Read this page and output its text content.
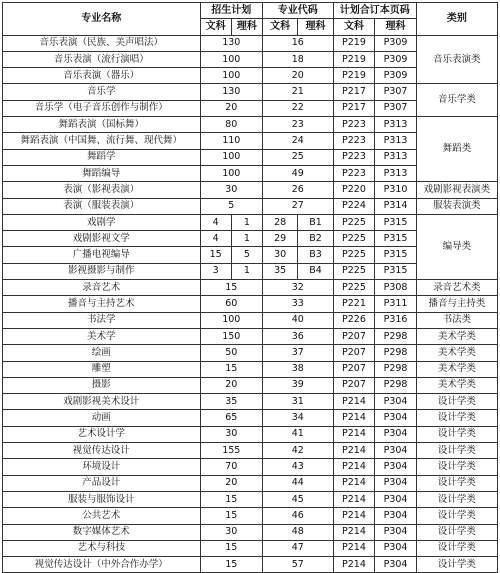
专业名称	招生计划		专业代码		计划合订本页码		类别
	文科	理科	文科	理科	文科	理科	
音乐表演（民族、美声唱法）	130		16		P219	P309	音乐表演类
音乐表演（流行演唱）	100		18		P219	P309	
音乐表演（器乐）	100		20		P219	P309	
音乐学	130		21		P217	P307	音乐学类
音乐学（电子音乐创作与制作）	20		22		P217	P307	
舞蹈表演（国标舞）	80		23		P223	P313	舞蹈类
舞蹈表演（中国舞、流行舞、现代舞）	110		24		P223	P313	
舞蹈学	100		25		P223	P313	
舞蹈编导	100		49		P223	P313	
表演（影视表演）	30		26		P220	P310	戏剧影视表演类
表演（服装表演）	5		27		P224	P314	服装表演类
戏剧学	4	1	28	B1	P225	P315	编导类
戏剧影视文学	4	1	29	B2	P225	P315	
广播电视编导	15	5	30	B3	P225	P315	
影视摄影与制作	3	1	35	B4	P225	P315	
录音艺术	15		32		P225	P308	录音艺术类
播音与主持艺术	60		33		P221	P311	播音与主持类
书法学	100		40		P226	P316	书法类
美术学	150		36		P207	P298	美术学类
绘画	50		37		P207	P298	美术学类
雕塑	15		38		P207	P298	美术学类
摄影	20		39		P207	P298	美术学类
戏剧影视美术设计	35		31		P214	P304	设计学类
动画	65		34		P214	P304	设计学类
艺术设计学	30		41		P214	P304	设计学类
视觉传达设计	155		42		P214	P304	设计学类
环境设计	70		43		P214	P304	设计学类
产品设计	20		44		P214	P304	设计学类
服装与服饰设计	15		45		P214	P304	设计学类
公共艺术	15		46		P214	P304	设计学类
数字媒体艺术	30		48		P214	P304	设计学类
艺术与科技	15		47		P214	P304	设计学类
视觉传达设计（中外合作办学）	15		57		P214	P304	设计学类
